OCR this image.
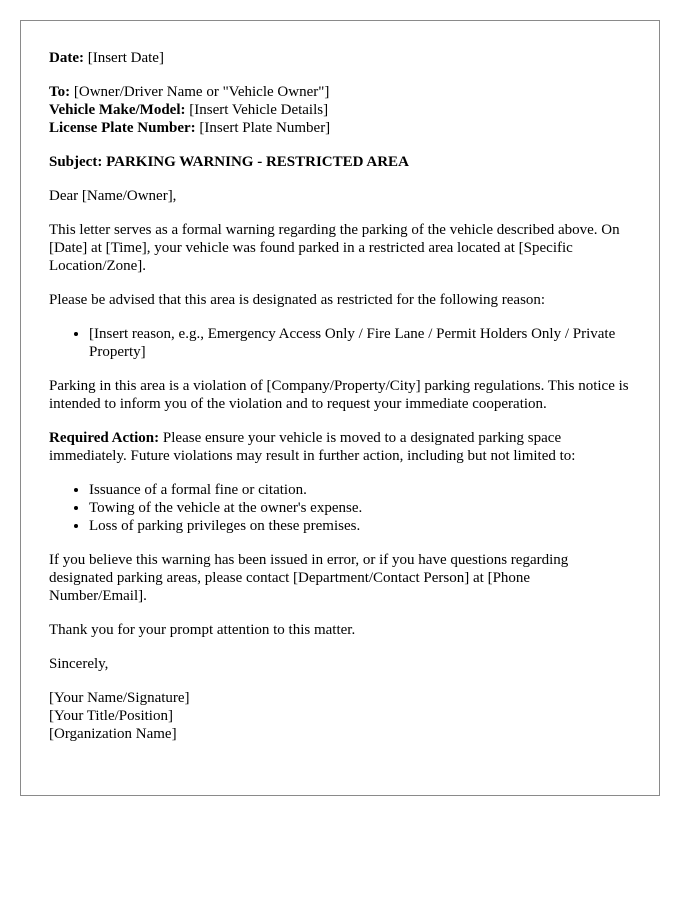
Date: [Insert Date]

To: [Owner/Driver Name or "Vehicle Owner"]
Vehicle Make/Model: [Insert Vehicle Details]
License Plate Number: [Insert Plate Number]

Subject: PARKING WARNING - RESTRICTED AREA

Dear [Name/Owner],

This letter serves as a formal warning regarding the parking of the vehicle described above. On [Date] at [Time], your vehicle was found parked in a restricted area located at [Specific Location/Zone].

Please be advised that this area is designated as restricted for the following reason:

• [Insert reason, e.g., Emergency Access Only / Fire Lane / Permit Holders Only / Private Property]

Parking in this area is a violation of [Company/Property/City] parking regulations. This notice is intended to inform you of the violation and to request your immediate cooperation.

Required Action: Please ensure your vehicle is moved to a designated parking space immediately. Future violations may result in further action, including but not limited to:

• Issuance of a formal fine or citation.
• Towing of the vehicle at the owner's expense.
• Loss of parking privileges on these premises.

If you believe this warning has been issued in error, or if you have questions regarding designated parking areas, please contact [Department/Contact Person] at [Phone Number/Email].

Thank you for your prompt attention to this matter.

Sincerely,

[Your Name/Signature]
[Your Title/Position]
[Organization Name]
